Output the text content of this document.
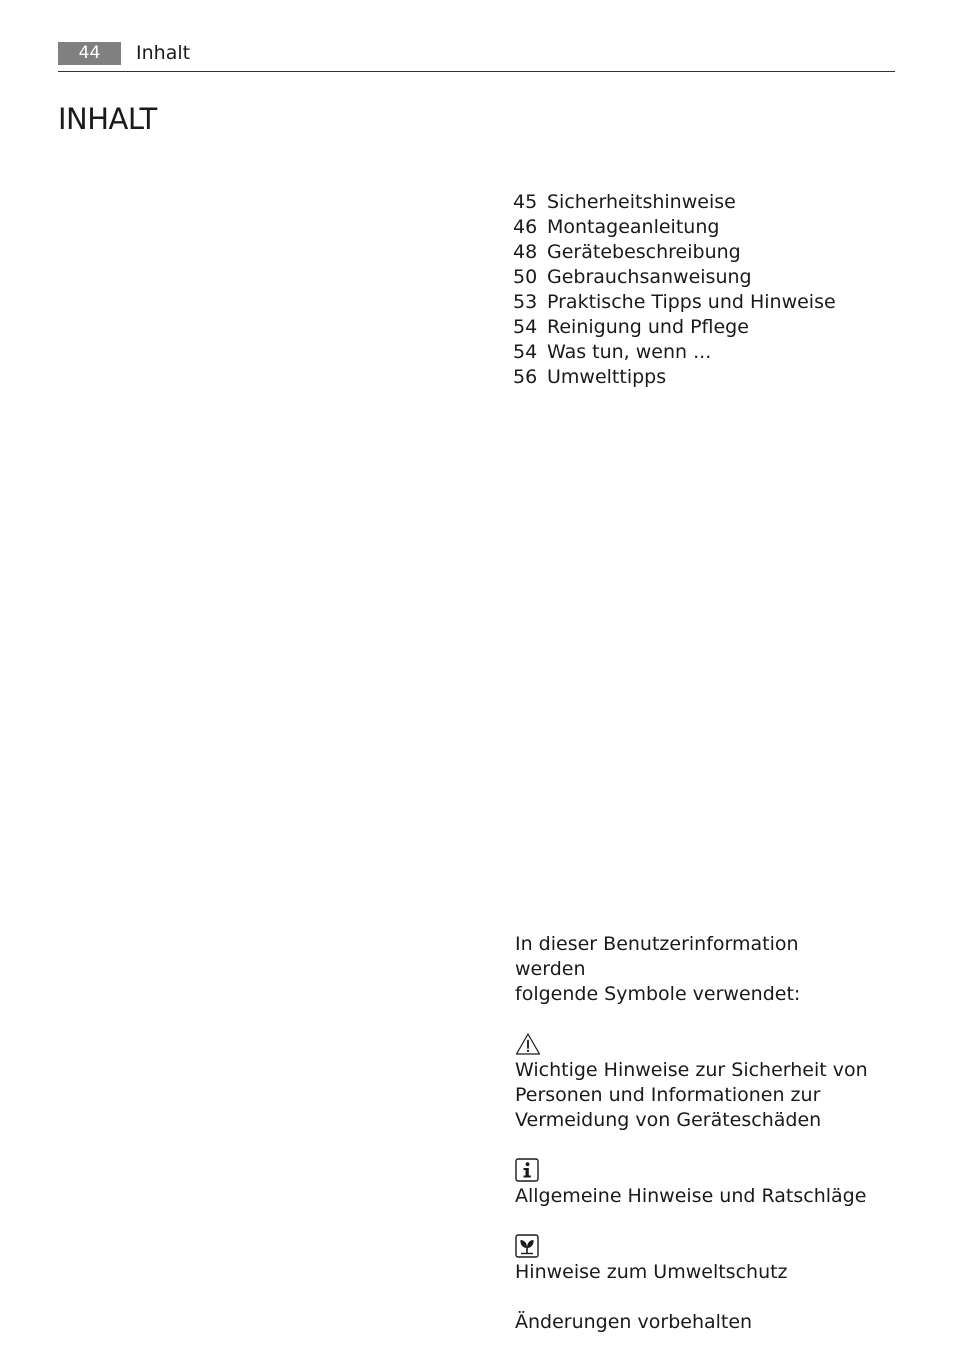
44	Inhalt
INHALT
45 Sicherheitshinweise
46 Montageanleitung
48 Gerätebeschreibung
50 Gebrauchsanweisung
53 Praktische Tipps und Hinweise
54 Reinigung und Pflege
54 Was tun, wenn ...
56 Umwelttipps

In dieser Benutzerinformation werden

folgende Symbole verwendet:

Wichtige Hinweise zur Sicherheit von

Personen und Informationen zur

Vermeidung von Geräteschäden

Allgemeine Hinweise und Ratschläge

Hinweise zum Umweltschutz

Änderungen vorbehalten
